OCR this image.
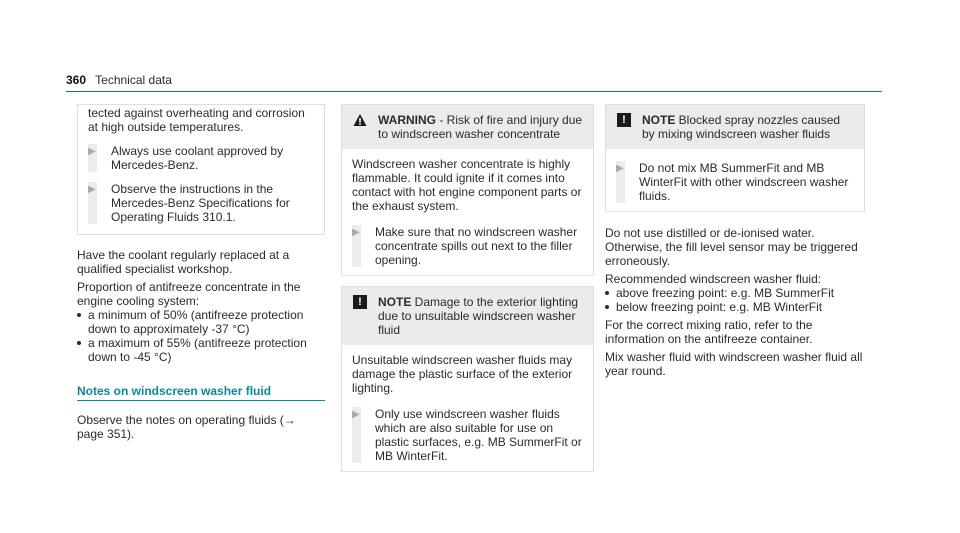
360 Technical data

tected against overheating and corrosion at high outside temperatures.

▶	Always use coolant approved by Mercedes-Benz.
▶	Observe the instructions in the Mercedes-Benz Specifications for Operating Fluids 310.1.

Have the coolant regularly replaced at a qualified specialist workshop.

Proportion of antifreeze concentrate in the engine cooling system:

a minimum of 50% (antifreeze protection down to approximately -37 °C)
a maximum of 55% (antifreeze protection down to -45 °C)
Notes on windscreen washer fluid

Observe the notes on operating fluids (→ page 351).

WARNING - Risk of fire and injury due to windscreen washer concentrate

Windscreen washer concentrate is highly flammable. It could ignite if it comes into contact with hot engine component parts or the exhaust system.

▶	Make sure that no windscreen washer concentrate spills out next to the filler opening.
!	NOTE Damage to the exterior lighting due to unsuitable windscreen washer fluid

Unsuitable windscreen washer fluids may damage the plastic surface of the exterior lighting.

▶	Only use windscreen washer fluids which are also suitable for use on plastic surfaces, e.g. MB SummerFit or MB WinterFit.
!	NOTE Blocked spray nozzles caused by mixing windscreen washer fluids
▶	Do not mix MB SummerFit and MB WinterFit with other windscreen washer fluids.

Do not use distilled or de-ionised water. Otherwise, the fill level sensor may be triggered erroneously.

Recommended windscreen washer fluid:

above freezing point: e.g. MB SummerFit
below freezing point: e.g. MB WinterFit

For the correct mixing ratio, refer to the information on the antifreeze container.

Mix washer fluid with windscreen washer fluid all year round.
